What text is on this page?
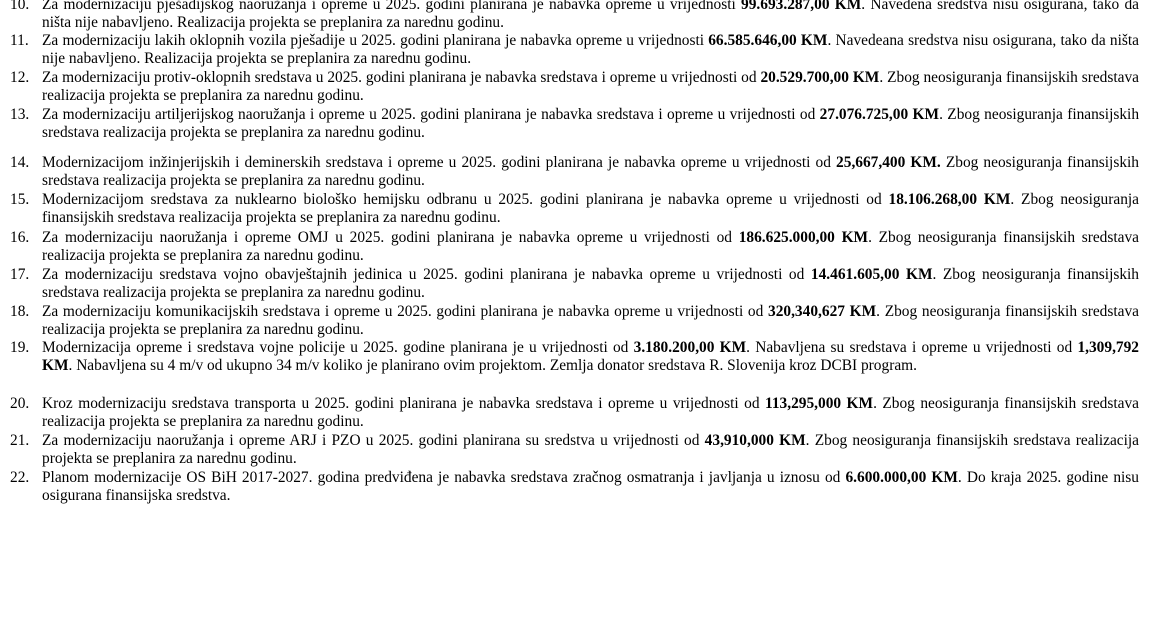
10. Za modernizaciju pješadijskog naoružanja i opreme u 2025. godini planirana je nabavka opreme u vrijednosti 99.693.287,00 KM. Navedena sredstva nisu osigurana, tako da ništa nije nabavljeno. Realizacija projekta se preplanira za narednu godinu.
11. Za modernizaciju lakih oklopnih vozila pješadije u 2025. godini planirana je nabavka opreme u vrijednosti 66.585.646,00 KM. Navedeana sredstva nisu osigurana, tako da ništa nije nabavljeno. Realizacija projekta se preplanira za narednu godinu.
12. Za modernizaciju protiv-oklopnih sredstava u 2025. godini planirana je nabavka sredstava i opreme u vrijednosti od 20.529.700,00 KM. Zbog neosiguranja finansijskih sredstava realizacija projekta se preplanira za narednu godinu.
13. Za modernizaciju artiljerijskog naoružanja i opreme u 2025. godini planirana je nabavka sredstava i opreme u vrijednosti od 27.076.725,00 KM. Zbog neosiguranja finansijskih sredstava realizacija projekta se preplanira za narednu godinu.
14. Modernizacijom inžinjerijskih i deminerskih sredstava i opreme u 2025. godini planirana je nabavka opreme u vrijednosti od 25,667,400 KM. Zbog neosiguranja finansijskih sredstava realizacija projekta se preplanira za narednu godinu.
15. Modernizacijom sredstava za nuklearno biološko hemijsku odbranu u 2025. godini planirana je nabavka opreme u vrijednosti od 18.106.268,00 KM. Zbog neosiguranja finansijskih sredstava realizacija projekta se preplanira za narednu godinu.
16. Za modernizaciju naoružanja i opreme OMJ u 2025. godini planirana je nabavka opreme u vrijednosti od 186.625.000,00 KM. Zbog neosiguranja finansijskih sredstava realizacija projekta se preplanira za narednu godinu.
17. Za modernizaciju sredstava vojno obavještajnih jedinica u 2025. godini planirana je nabavka opreme u vrijednosti od 14.461.605,00 KM. Zbog neosiguranja finansijskih sredstava realizacija projekta se preplanira za narednu godinu.
18. Za modernizaciju komunikacijskih sredstava i opreme u 2025. godini planirana je nabavka opreme u vrijednosti od 320,340,627 KM. Zbog neosiguranja finansijskih sredstava realizacija projekta se preplanira za narednu godinu.
19. Modernizacija opreme i sredstava vojne policije u 2025. godine planirana je u vrijednosti od 3.180.200,00 KM. Nabavljena su sredstava i opreme u vrijednosti od 1,309,792 KM. Nabavljena su 4 m/v od ukupno 34 m/v koliko je planirano ovim projektom. Zemlja donator sredstava R. Slovenija kroz DCBI program.
20. Kroz modernizaciju sredstava transporta u 2025. godini planirana je nabavka sredstava i opreme u vrijednosti od 113,295,000 KM. Zbog neosiguranja finansijskih sredstava realizacija projekta se preplanira za narednu godinu.
21. Za modernizaciju naoružanja i opreme ARJ i PZO u 2025. godini planirana su sredstva u vrijednosti od 43,910,000 KM. Zbog neosiguranja finansijskih sredstava realizacija projekta se preplanira za narednu godinu.
22. Planom modernizacije OS BiH 2017-2027. godina predviđena je nabavka sredstava zračnog osmatranja i javljanja u iznosu od 6.600.000,00 KM. Do kraja 2025. godine nisu osigurana finansijska sredstva.
